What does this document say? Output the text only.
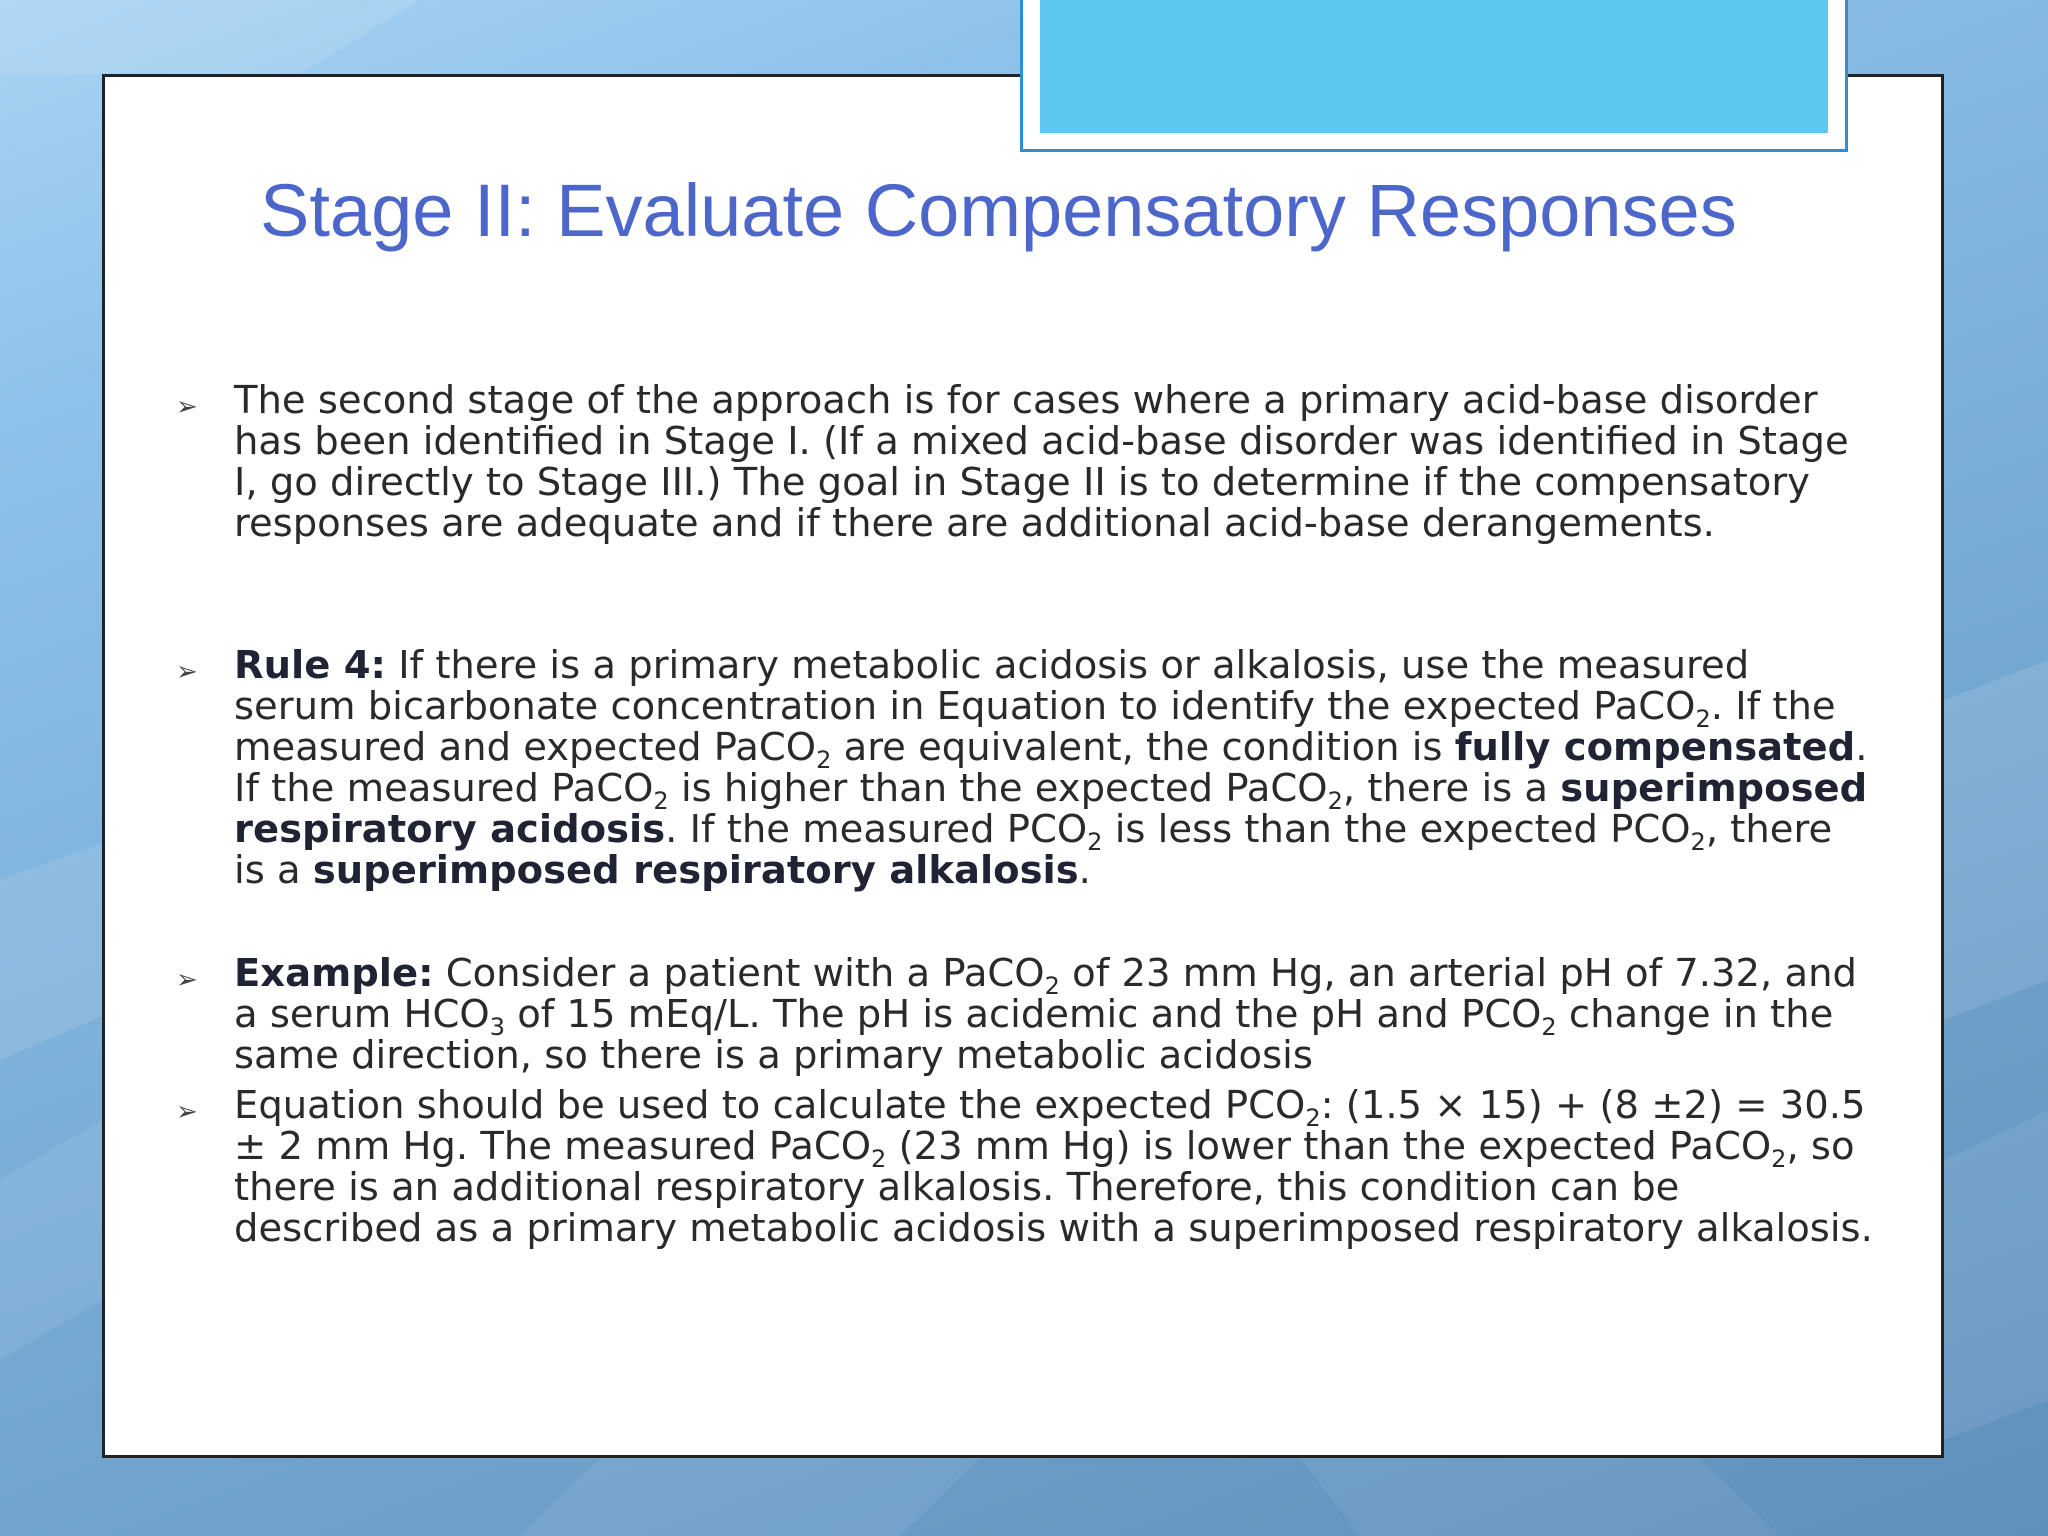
Stage II: Evaluate Compensatory Responses
➢ The second stage of the approach is for cases where a primary acid-base disorder has been identified in Stage I. (If a mixed acid-base disorder was identified in Stage I, go directly to Stage III.) The goal in Stage II is to determine if the compensatory responses are adequate and if there are additional acid-base derangements.
➢ Rule 4: If there is a primary metabolic acidosis or alkalosis, use the measured serum bicarbonate concentration in Equation to identify the expected PaCO$_2$. If the measured and expected PaCO$_2$ are equivalent, the condition is fully compensated. If the measured PaCO$_2$ is higher than the expected PaCO$_2$, there is a superimposed respiratory acidosis. If the measured $PCO_2$ is less than the expected $PCO_2$, there is a superimposed respiratory alkalosis.
➢ Example: Consider a patient with a PaCO$_2$ of 23 mm Hg, an arterial pH of 7.32, and a serum $HCO_3$ of 15 mEq/L. The pH is acidemic and the pH and $PCO_2$ change in the same direction, so there is a primary metabolic acidosis
➢ Equation should be used to calculate the expected $PCO_2$: (1.5 × 15) + (8 ±2) = 30.5 ± 2 mm Hg. The measured PaCO$_2$ (23 mm Hg) is lower than the expected PaCO$_2$, so there is an additional respiratory alkalosis. Therefore, this condition can be described as a primary metabolic acidosis with a superimposed respiratory alkalosis.
